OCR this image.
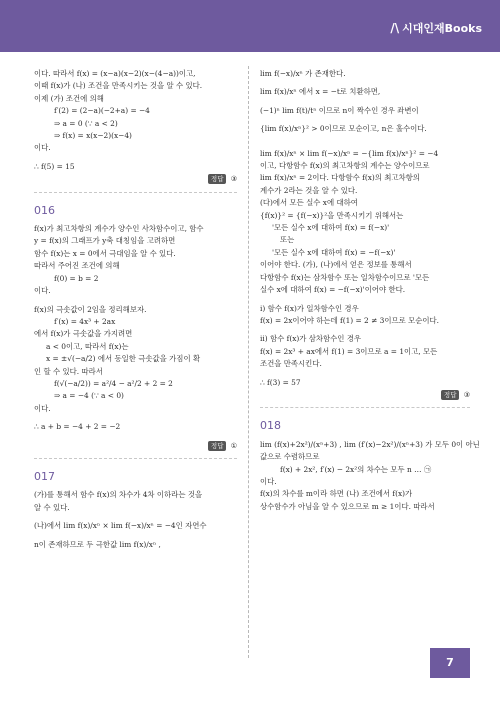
/\ 시대인재Books
이다. 따라서 f(x) = (x−a)(x−2)(x−(4−a))이고,
이때 f(x)가 (나) 조건을 만족시키는 것을 알 수 있다.
이제 (가) 조건에 의해
f′(2) = (2−a)(−2+a) = −4
⇒ a = 0 (∵ a < 2)
⇒ f(x) = x(x−2)(x−4)
이다.
∴ f(5) = 15
정답 ③
016
f(x)가 최고차항의 계수가 양수인 사차함수이고, 함수
y = f(x)의 그래프가 y축 대칭임을 고려하면
함수 f(x)는 x = 0에서 극대임을 알 수 있다.
따라서 주어진 조건에 의해
f(0) = b = 2
이다.
f(x)의 극솟값이 2임을 정리해보자.
f′(x) = 4x³ + 2ax
에서 f(x)가 극솟값을 가지려면
a < 0이고, 따라서 f(x)는
x = ±√(−a/2) 에서 동일한 극솟값을 가짐이 확
인 할 수 있다. 따라서
f(√(−a/2)) = a²/4 − a²/2 + 2 = 2
⇒ a = −4 (∵ a < 0)
이다.
∴ a + b = −4 + 2 = −2
정답 ①
017
(가)를 통해서 함수 f(x)의 차수가 4차 이하라는 것을
알 수 있다.
(나)에서 lim f(x)/xⁿ × lim f(−x)/xⁿ = −4인 자연수
n이 존재하므로 두 극한값 lim f(x)/xⁿ ,
lim f(−x)/xⁿ 가 존재한다.
lim f(x)/xⁿ 에서 x = −t로 치환하면,
(−1)ⁿ lim f(t)/tⁿ 이므로 n이 짝수인 경우 좌변이
{lim f(x)/xⁿ}² > 0이므로 모순이고, n은 홀수이다.
lim f(x)/xⁿ × lim f(−x)/xⁿ = −{lim f(x)/xⁿ}² = −4
이고, 다항함수 f(x)의 최고차항의 계수는 양수이므로
lim f(x)/xⁿ = 2이다. 다항함수 f(x)의 최고차항의
계수가 2라는 것을 알 수 있다.
(다)에서 모든 실수 x에 대하여
{f(x)}² = {f(−x)}²을 만족시키기 위해서는
'모든 실수 x에 대하여 f(x) = f(−x)'
또는
'모든 실수 x에 대하여 f(x) = −f(−x)'
이어야 한다. (가), (나)에서 얻은 정보를 통해서
다항함수 f(x)는 삼차함수 또는 일차함수이므로 '모든
실수 x에 대하여 f(x) = −f(−x)'이어야 한다.
i) 함수 f(x)가 일차함수인 경우
f(x) = 2x이어야 하는데 f(1) = 2 ≠ 3이므로 모순이다.
ii) 함수 f(x)가 삼차함수인 경우
f(x) = 2x³ + ax에서 f(1) = 3이므로 a = 1이고, 모든
조건을 만족시킨다.
∴ f(3) = 57
정답 ③
018
lim (f(x)+2x²)/(xⁿ+3) , lim (f′(x)−2x²)/(xⁿ+3) 가 모두 0이 아닌
값으로 수렴하므로
f(x) + 2x², f′(x) − 2x²의 차수는 모두 n … ㉠
이다.
f(x)의 차수를 m이라 하면 (나) 조건에서 f(x)가
상수함수가 아님을 알 수 있으므로 m ≥ 1이다. 따라서
7
